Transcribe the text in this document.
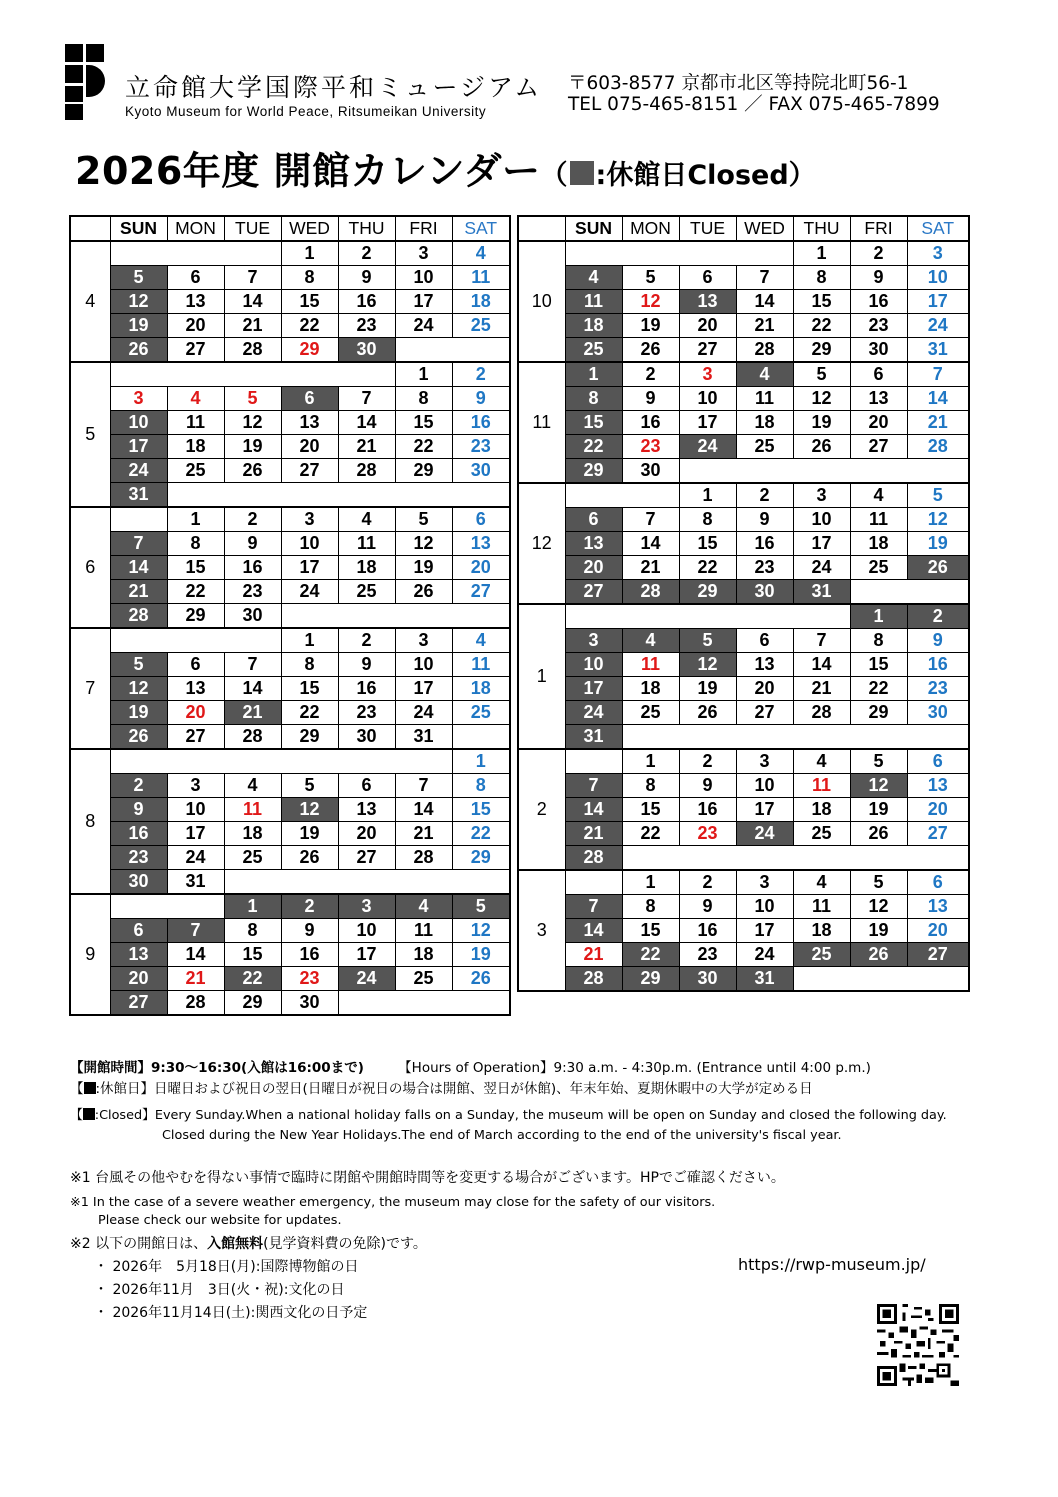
立命館大学国際平和ミュージアム
Kyoto Museum for World Peace, Ritsumeikan University
〒603-8577 京都市北区等持院北町56-1
TEL 075-465-8151 ／ FAX 075-465-7899
2026年度 開館カレンダー（ :休館日Closed）
	SUN	MON	TUE	WED	THU	FRI	SAT
4				1	2	3	4
	5	6	7	8	9	10	11
	12	13	14	15	16	17	18
	19	20	21	22	23	24	25
	26	27	28	29	30		
5						1	2
	3	4	5	6	7	8	9
	10	11	12	13	14	15	16
	17	18	19	20	21	22	23
	24	25	26	27	28	29	30
	31						
6		1	2	3	4	5	6
	7	8	9	10	11	12	13
	14	15	16	17	18	19	20
	21	22	23	24	25	26	27
	28	29	30				
7				1	2	3	4
	5	6	7	8	9	10	11
	12	13	14	15	16	17	18
	19	20	21	22	23	24	25
	26	27	28	29	30	31	
8							1
	2	3	4	5	6	7	8
	9	10	11	12	13	14	15
	16	17	18	19	20	21	22
	23	24	25	26	27	28	29
	30	31					
9			1	2	3	4	5
	6	7	8	9	10	11	12
	13	14	15	16	17	18	19
	20	21	22	23	24	25	26
	27	28	29	30			
	SUN	MON	TUE	WED	THU	FRI	SAT
10					1	2	3
	4	5	6	7	8	9	10
	11	12	13	14	15	16	17
	18	19	20	21	22	23	24
	25	26	27	28	29	30	31
11	1	2	3	4	5	6	7
	8	9	10	11	12	13	14
	15	16	17	18	19	20	21
	22	23	24	25	26	27	28
	29	30					
12			1	2	3	4	5
	6	7	8	9	10	11	12
	13	14	15	16	17	18	19
	20	21	22	23	24	25	26
	27	28	29	30	31		
1						1	2
	3	4	5	6	7	8	9
	10	11	12	13	14	15	16
	17	18	19	20	21	22	23
	24	25	26	27	28	29	30
	31						
2		1	2	3	4	5	6
	7	8	9	10	11	12	13
	14	15	16	17	18	19	20
	21	22	23	24	25	26	27
	28						
3		1	2	3	4	5	6
	7	8	9	10	11	12	13
	14	15	16	17	18	19	20
	21	22	23	24	25	26	27
	28	29	30	31			
【開館時間】9:30～16:30(入館は16:00まで)	【Hours of Operation】9:30 a.m. - 4:30p.m. (Entrance until 4:00 p.m.)
【 :休館日】日曜日および祝日の翌日(日曜日が祝日の場合は開館、翌日が休館)、年末年始、夏期休暇中の大学が定める日
【 :Closed】Every Sunday.When a national holiday falls on a Sunday, the museum will be open on Sunday and closed the following day.
Closed during the New Year Holidays.The end of March according to the end of the university's fiscal year.
※1 台風その他やむを得ない事情で臨時に閉館や開館時間等を変更する場合がございます。HPでご確認ください。
※1 In the case of a severe weather emergency, the museum may close for the safety of our visitors.
Please check our website for updates.
※2 以下の開館日は、入館無料(見学資料費の免除)です。
・ 2026年　5月18日(月):国際博物館の日
・ 2026年11月　3日(火・祝):文化の日
・ 2026年11月14日(土):関西文化の日予定
https://rwp-museum.jp/
